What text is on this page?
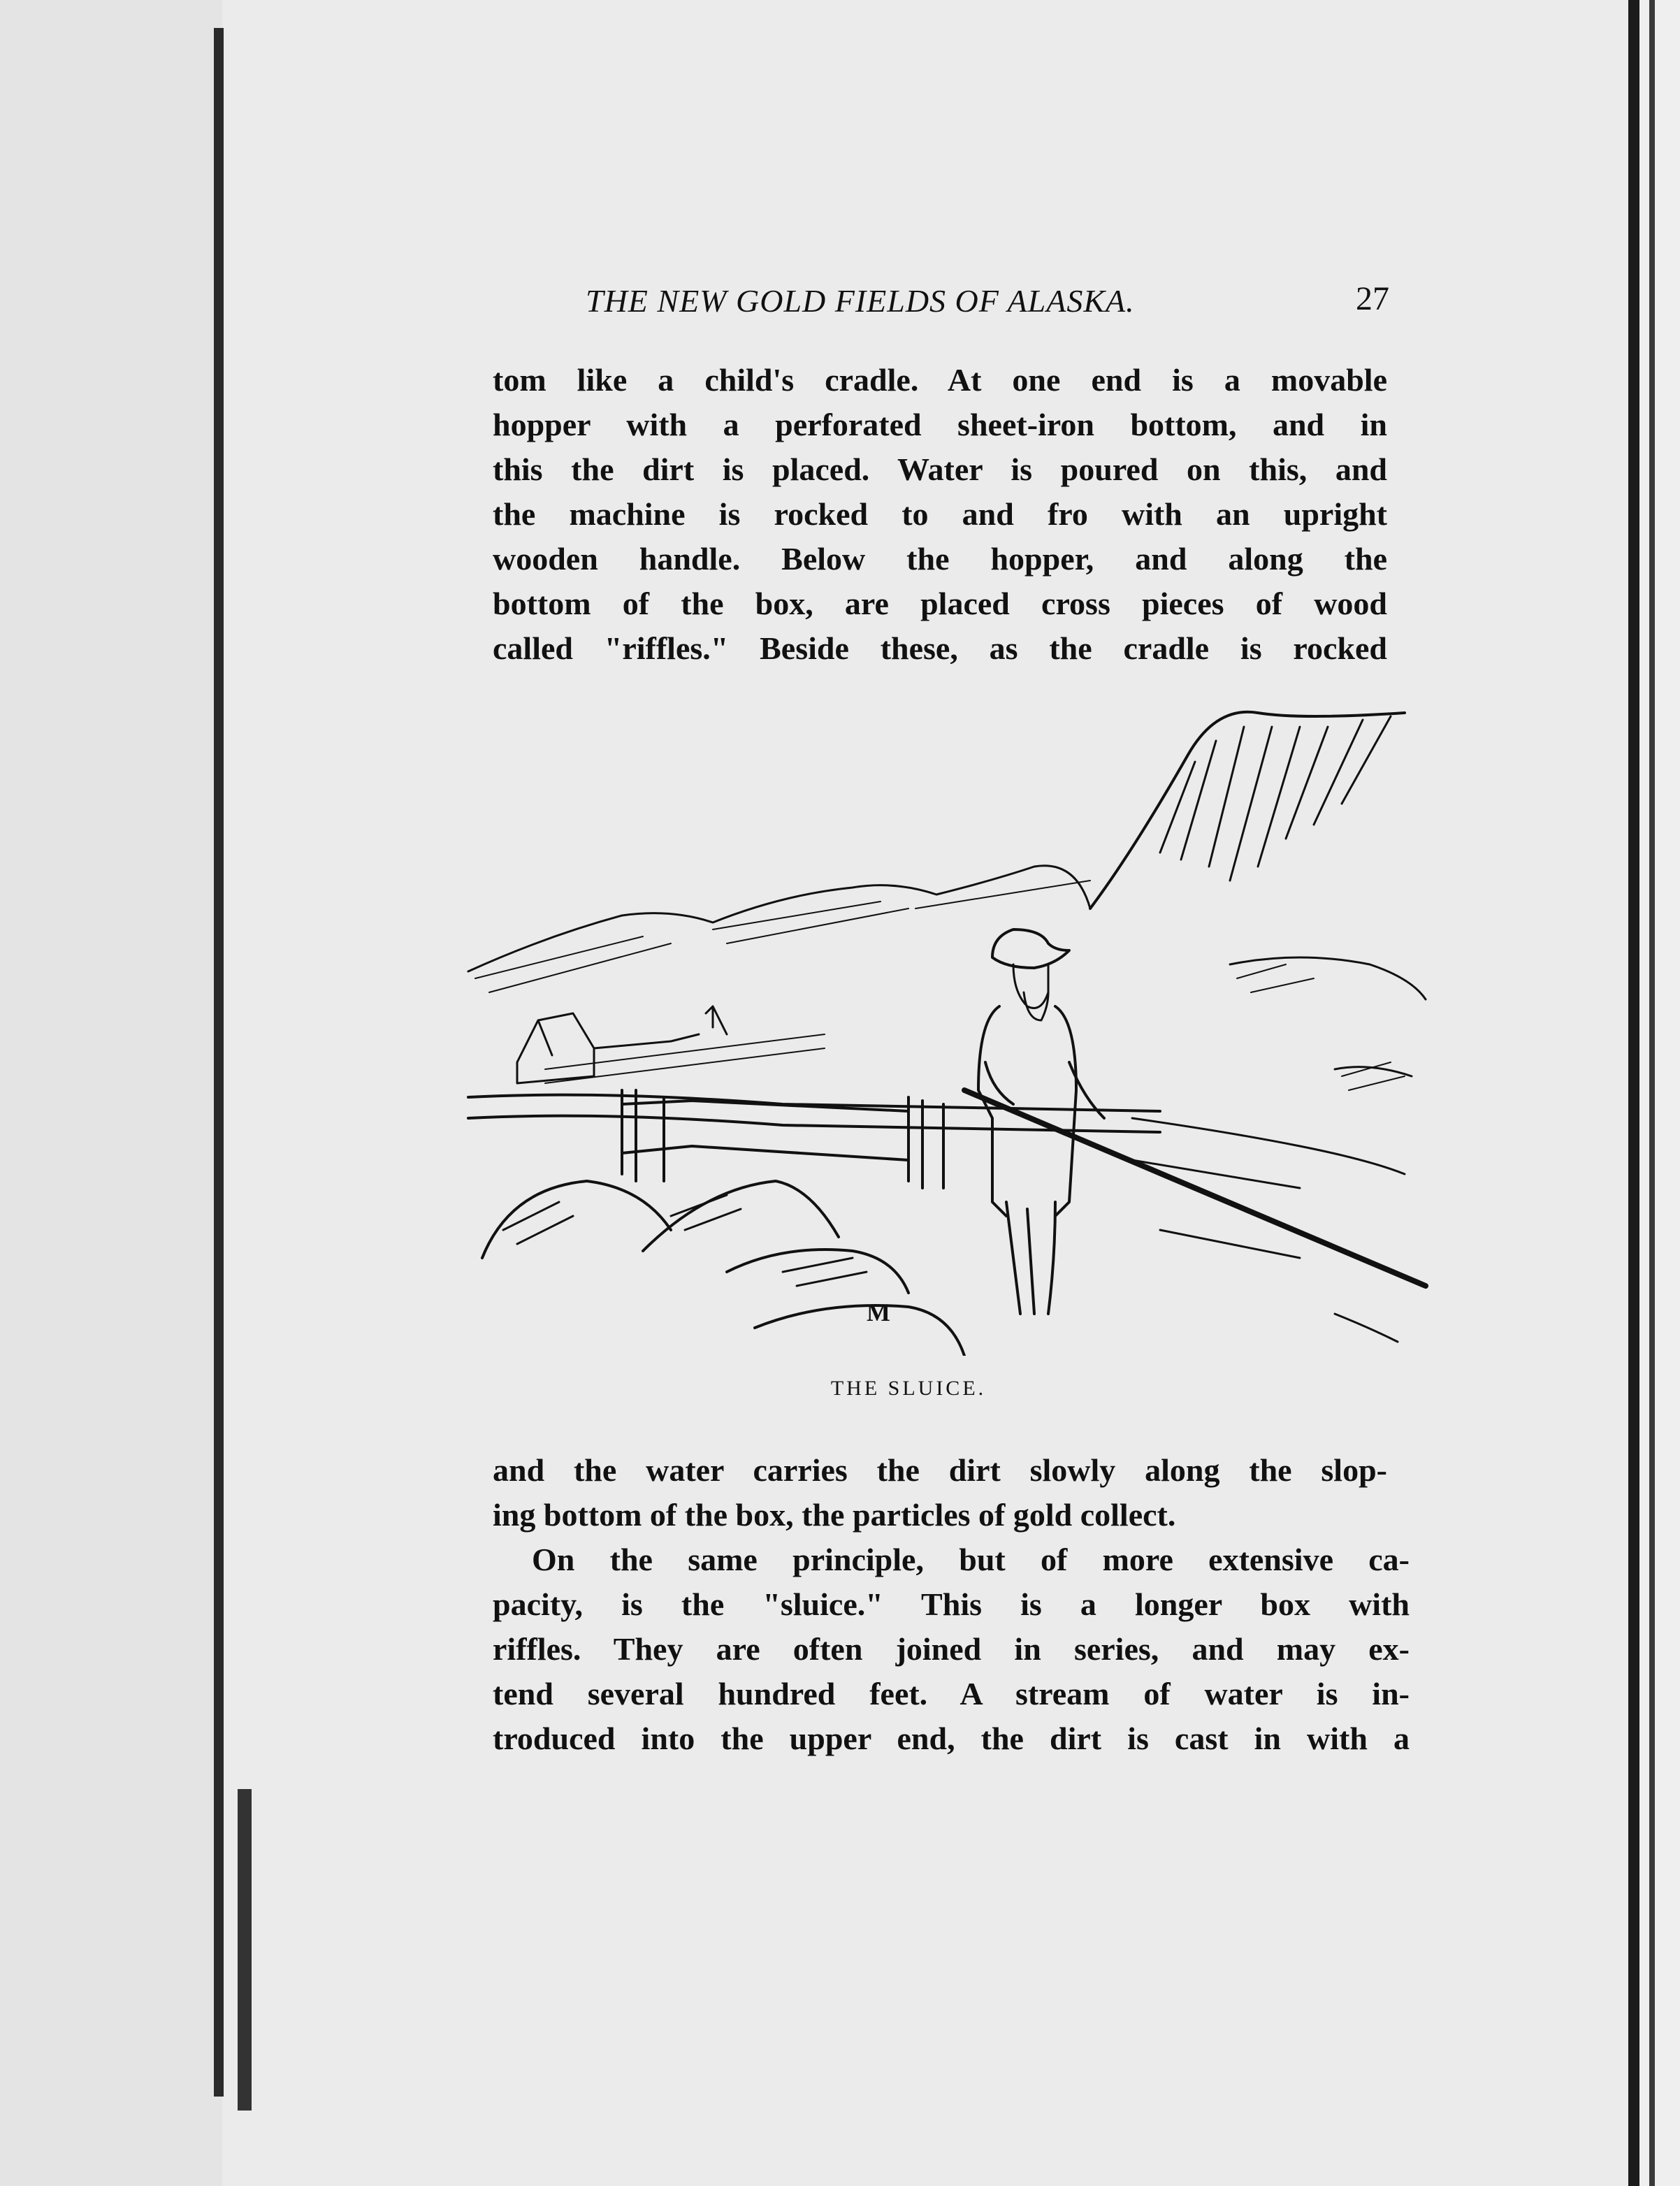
THE NEW GOLD FIELDS OF ALASKA.	27
tom like a child's cradle. At one end is a movable
hopper with a perforated sheet-iron bottom, and in
this the dirt is placed. Water is poured on this, and
the machine is rocked to and fro with an upright
wooden handle. Below the hopper, and along the
bottom of the box, are placed cross pieces of wood
called "riffles." Beside these, as the cradle is rocked
M
THE SLUICE.
and the water carries the dirt slowly along the slop-
ing bottom of the box, the particles of gold collect.
On the same principle, but of more extensive ca-
pacity, is the "sluice." This is a longer box with
riffles. They are often joined in series, and may ex-
tend several hundred feet. A stream of water is in-
troduced into the upper end, the dirt is cast in with a
